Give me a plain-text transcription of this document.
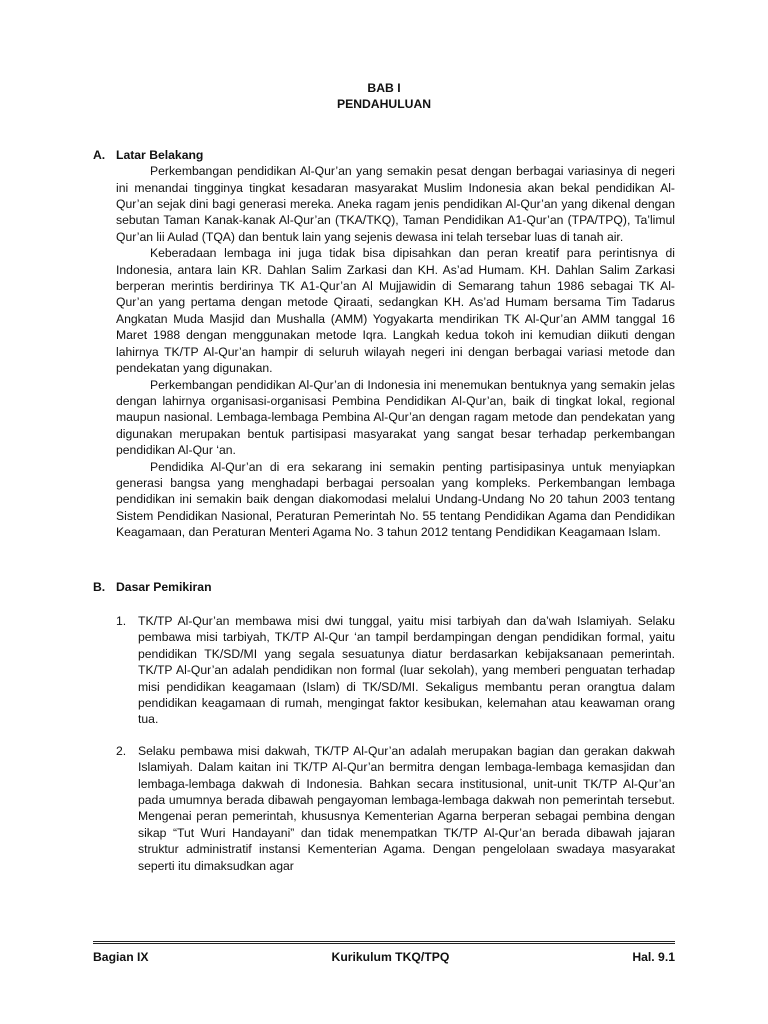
BAB I
PENDAHULUAN
A. Latar Belakang

Perkembangan pendidikan Al-Qur’an yang semakin pesat dengan berbagai variasinya di negeri ini menandai tingginya tingkat kesadaran masyarakat Muslim Indonesia akan bekal pendidikan Al-Qur’an sejak dini bagi generasi mereka. Aneka ragam jenis pendidikan Al-Qur’an yang dikenal dengan sebutan Taman Kanak-kanak Al-Qur’an (TKA/TKQ), Taman Pendidikan A1-Qur’an (TPA/TPQ), Ta’limul Qur’an lii Aulad (TQA) dan bentuk lain yang sejenis dewasa ini telah tersebar luas di tanah air.

Keberadaan lembaga ini juga tidak bisa dipisahkan dan peran kreatif para perintisnya di Indonesia, antara lain KR. Dahlan Salim Zarkasi dan KH. As’ad Humam. KH. Dahlan Salim Zarkasi berperan merintis berdirinya TK A1-Qur’an Al Mujjawidin di Semarang tahun 1986 sebagai TK Al-Qur’an yang pertama dengan metode Qiraati, sedangkan KH. As’ad Humam bersama Tim Tadarus Angkatan Muda Masjid dan Mushalla (AMM) Yogyakarta mendirikan TK Al-Qur’an AMM tanggal 16 Maret 1988 dengan menggunakan metode Iqra. Langkah kedua tokoh ini kemudian diikuti dengan lahirnya TK/TP Al-Qur’an hampir di seluruh wilayah negeri ini dengan berbagai variasi metode dan pendekatan yang digunakan.

Perkembangan pendidikan Al-Qur’an di Indonesia ini menemukan bentuknya yang semakin jelas dengan lahirnya organisasi-organisasi Pembina Pendidikan Al-Qur’an, baik di tingkat lokal, regional maupun nasional. Lembaga-lembaga Pembina Al-Qur’an dengan ragam metode dan pendekatan yang digunakan merupakan bentuk partisipasi masyarakat yang sangat besar terhadap perkembangan pendidikan Al-Qur ‘an.

Pendidika Al-Qur’an di era sekarang ini semakin penting partisipasinya untuk menyiapkan generasi bangsa yang menghadapi berbagai persoalan yang kompleks. Perkembangan lembaga pendidikan ini semakin baik dengan diakomodasi melalui Undang-Undang No 20 tahun 2003 tentang Sistem Pendidikan Nasional, Peraturan Pemerintah No. 55 tentang Pendidikan Agama dan Pendidikan Keagamaan, dan Peraturan Menteri Agama No. 3 tahun 2012 tentang Pendidikan Keagamaan Islam.

B. Dasar Pemikiran
1. TK/TP Al-Qur’an membawa misi dwi tunggal, yaitu misi tarbiyah dan da’wah Islamiyah. Selaku pembawa misi tarbiyah, TK/TP Al-Qur ‘an tampil berdampingan dengan pendidikan formal, yaitu pendidikan TK/SD/MI yang segala sesuatunya diatur berdasarkan kebijaksanaan pemerintah. TK/TP Al-Qur’an adalah pendidikan non formal (luar sekolah), yang memberi penguatan terhadap misi pendidikan keagamaan (Islam) di TK/SD/MI. Sekaligus membantu peran orangtua dalam pendidikan keagamaan di rumah, mengingat faktor kesibukan, kelemahan atau keawaman orang tua.

2. Selaku pembawa misi dakwah, TK/TP Al-Qur’an adalah merupakan bagian dan gerakan dakwah Islamiyah. Dalam kaitan ini TK/TP Al-Qur’an bermitra dengan lembaga-lembaga kemasjidan dan lembaga-lembaga dakwah di Indonesia. Bahkan secara institusional, unit-unit TK/TP Al-Qur’an pada umumnya berada dibawah pengayoman lembaga-lembaga dakwah non pemerintah tersebut. Mengenai peran pemerintah, khususnya Kementerian Agarna berperan sebagai pembina dengan sikap “Tut Wuri Handayani” dan tidak menempatkan TK/TP Al-Qur’an berada dibawah jajaran struktur administratif instansi Kementerian Agama. Dengan pengelolaan swadaya masyarakat seperti itu dimaksudkan agar

Bagian IX	Kurikulum TKQ/TPQ	Hal. 9.1
